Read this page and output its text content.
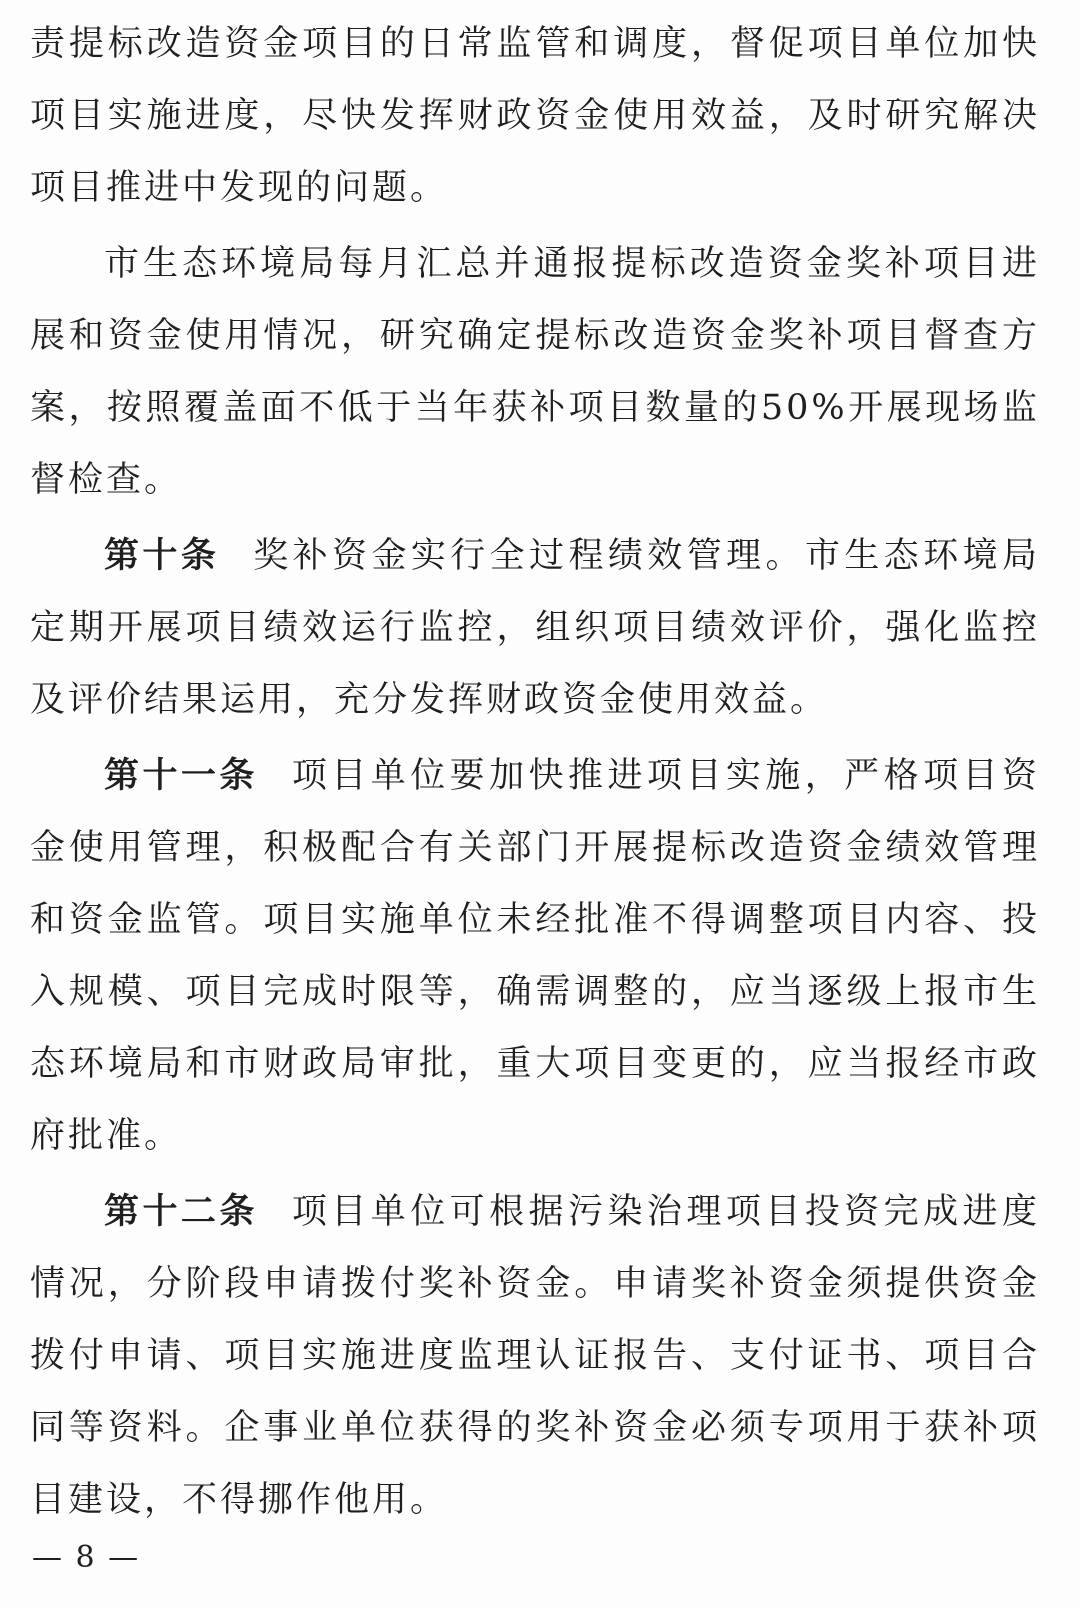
责提标改造资金项目的日常监管和调度，督促项目单位加快项目实施进度，尽快发挥财政资金使用效益，及时研究解决项目推进中发现的问题。

市生态环境局每月汇总并通报提标改造资金奖补项目进展和资金使用情况，研究确定提标改造资金奖补项目督查方案，按照覆盖面不低于当年获补项目数量的50%开展现场监督检查。

第十条 奖补资金实行全过程绩效管理。市生态环境局定期开展项目绩效运行监控，组织项目绩效评价，强化监控及评价结果运用，充分发挥财政资金使用效益。

第十一条 项目单位要加快推进项目实施，严格项目资金使用管理，积极配合有关部门开展提标改造资金绩效管理和资金监管。项目实施单位未经批准不得调整项目内容、投入规模、项目完成时限等，确需调整的，应当逐级上报市生态环境局和市财政局审批，重大项目变更的，应当报经市政府批准。

第十二条 项目单位可根据污染治理项目投资完成进度情况，分阶段申请拨付奖补资金。申请奖补资金须提供资金拨付申请、项目实施进度监理认证报告、支付证书、项目合同等资料。企事业单位获得的奖补资金必须专项用于获补项目建设，不得挪作他用。

— 8 —
